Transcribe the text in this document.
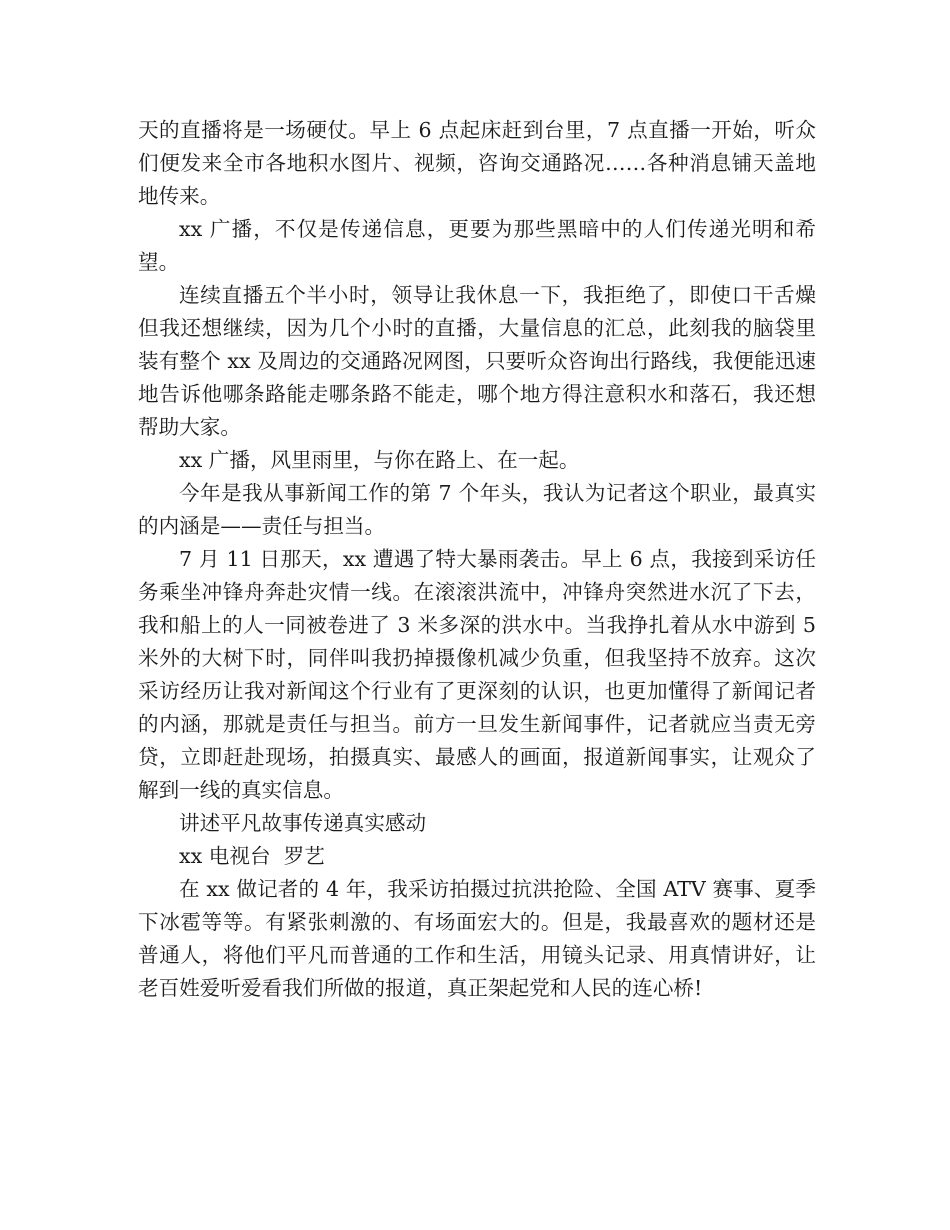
天的直播将是一场硬仗。早上 6 点起床赶到台里，7 点直播一开始，听众们便发来全市各地积水图片、视频，咨询交通路况……各种消息铺天盖地地传来。

xx 广播，不仅是传递信息，更要为那些黑暗中的人们传递光明和希望。

连续直播五个半小时，领导让我休息一下，我拒绝了，即使口干舌燥但我还想继续，因为几个小时的直播，大量信息的汇总，此刻我的脑袋里装有整个 xx 及周边的交通路况网图，只要听众咨询出行路线，我便能迅速地告诉他哪条路能走哪条路不能走，哪个地方得注意积水和落石，我还想帮助大家。

xx 广播，风里雨里，与你在路上、在一起。

今年是我从事新闻工作的第 7 个年头，我认为记者这个职业，最真实的内涵是——责任与担当。

7 月 11 日那天，xx 遭遇了特大暴雨袭击。早上 6 点，我接到采访任务乘坐冲锋舟奔赴灾情一线。在滚滚洪流中，冲锋舟突然进水沉了下去，我和船上的人一同被卷进了 3 米多深的洪水中。当我挣扎着从水中游到 5 米外的大树下时，同伴叫我扔掉摄像机减少负重，但我坚持不放弃。这次采访经历让我对新闻这个行业有了更深刻的认识，也更加懂得了新闻记者的内涵，那就是责任与担当。前方一旦发生新闻事件，记者就应当责无旁贷，立即赶赴现场，拍摄真实、最感人的画面，报道新闻事实，让观众了解到一线的真实信息。

讲述平凡故事传递真实感动

xx 电视台  罗艺

在 xx 做记者的 4 年，我采访拍摄过抗洪抢险、全国 ATV 赛事、夏季下冰雹等等。有紧张刺激的、有场面宏大的。但是，我最喜欢的题材还是普通人，将他们平凡而普通的工作和生活，用镜头记录、用真情讲好，让老百姓爱听爱看我们所做的报道，真正架起党和人民的连心桥!
